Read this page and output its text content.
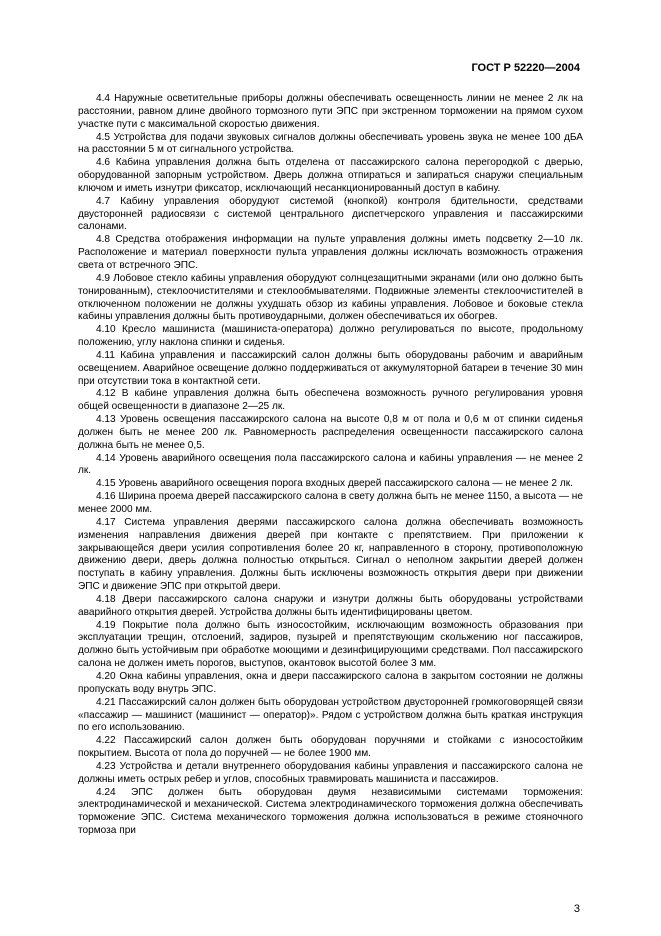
ГОСТ Р 52220—2004

4.4 Наружные осветительные приборы должны обеспечивать освещенность линии не менее 2 лк на расстоянии, равном длине двойного тормозного пути ЭПС при экстренном торможении на прямом сухом участке пути с максимальной скоростью движения.

4.5 Устройства для подачи звуковых сигналов должны обеспечивать уровень звука не менее 100 дБА на расстоянии 5 м от сигнального устройства.

4.6 Кабина управления должна быть отделена от пассажирского салона перегородкой с дверью, оборудованной запорным устройством. Дверь должна отпираться и запираться снаружи специальным ключом и иметь изнутри фиксатор, исключающий несанкционированный доступ в кабину.

4.7 Кабину управления оборудуют системой (кнопкой) контроля бдительности, средствами двусторонней радиосвязи с системой центрального диспетчерского управления и пассажирскими салонами.

4.8 Средства отображения информации на пульте управления должны иметь подсветку 2—10 лк. Расположение и материал поверхности пульта управления должны исключать возможность отражения света от встречного ЭПС.

4.9 Лобовое стекло кабины управления оборудуют солнцезащитными экранами (или оно должно быть тонированным), стеклоочистителями и стеклообмывателями. Подвижные элементы стеклоочистителей в отключенном положении не должны ухудшать обзор из кабины управления. Лобовое и боковые стекла кабины управления должны быть противоударными, должен обеспечиваться их обогрев.

4.10 Кресло машиниста (машиниста-оператора) должно регулироваться по высоте, продольному положению, углу наклона спинки и сиденья.

4.11 Кабина управления и пассажирский салон должны быть оборудованы рабочим и аварийным освещением. Аварийное освещение должно поддерживаться от аккумуляторной батареи в течение 30 мин при отсутствии тока в контактной сети.

4.12 В кабине управления должна быть обеспечена возможность ручного регулирования уровня общей освещенности в диапазоне 2—25 лк.

4.13 Уровень освещения пассажирского салона на высоте 0,8 м от пола и 0,6 м от спинки сиденья должен быть не менее 200 лк. Равномерность распределения освещенности пассажирского салона должна быть не менее 0,5.

4.14 Уровень аварийного освещения пола пассажирского салона и кабины управления — не менее 2 лк.

4.15 Уровень аварийного освещения порога входных дверей пассажирского салона — не менее 2 лк.

4.16 Ширина проема дверей пассажирского салона в свету должна быть не менее 1150, а высота — не менее 2000 мм.

4.17 Система управления дверями пассажирского салона должна обеспечивать возможность изменения направления движения дверей при контакте с препятствием. При приложении к закрывающейся двери усилия сопротивления более 20 кг, направленного в сторону, противоположную движению двери, дверь должна полностью открыться. Сигнал о неполном закрытии дверей должен поступать в кабину управления. Должны быть исключены возможность открытия двери при движении ЭПС и движение ЭПС при открытой двери.

4.18 Двери пассажирского салона снаружи и изнутри должны быть оборудованы устройствами аварийного открытия дверей. Устройства должны быть идентифицированы цветом.

4.19 Покрытие пола должно быть износостойким, исключающим возможность образования при эксплуатации трещин, отслоений, задиров, пузырей и препятствующим скольжению ног пассажиров, должно быть устойчивым при обработке моющими и дезинфицирующими средствами. Пол пассажирского салона не должен иметь порогов, выступов, окантовок высотой более 3 мм.

4.20 Окна кабины управления, окна и двери пассажирского салона в закрытом состоянии не должны пропускать воду внутрь ЭПС.

4.21 Пассажирский салон должен быть оборудован устройством двусторонней громкоговорящей связи «пассажир — машинист (машинист — оператор)». Рядом с устройством должна быть краткая инструкция по его использованию.

4.22 Пассажирский салон должен быть оборудован поручнями и стойками с износостойким покрытием. Высота от пола до поручней — не более 1900 мм.

4.23 Устройства и детали внутреннего оборудования кабины управления и пассажирского салона не должны иметь острых ребер и углов, способных травмировать машиниста и пассажиров.

4.24 ЭПС должен быть оборудован двумя независимыми системами торможения: электродинамической и механической. Система электродинамического торможения должна обеспечивать торможение ЭПС. Система механического торможения должна использоваться в режиме стояночного тормоза при

3
